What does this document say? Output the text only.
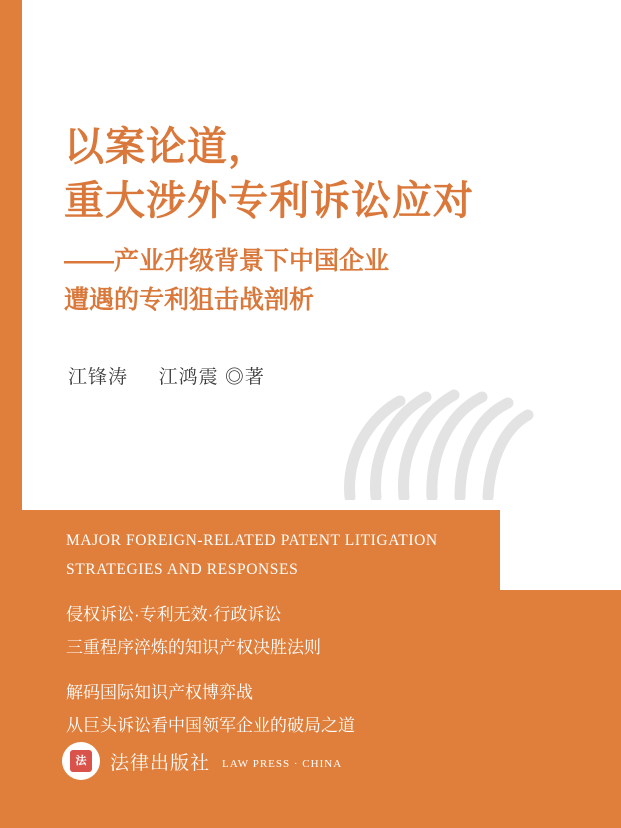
以案论道，
重大涉外专利诉讼应对
——产业升级背景下中国企业
遭遇的专利狙击战剖析
江锋涛 江鸿震 ◎著
MAJOR FOREIGN-RELATED PATENT LITIGATION
STRATEGIES AND RESPONSES
侵权诉讼·专利无效·行政诉讼
三重程序淬炼的知识产权决胜法则
解码国际知识产权博弈战
从巨头诉讼看中国领军企业的破局之道
法 法律出版社 LAW PRESS · CHINA
